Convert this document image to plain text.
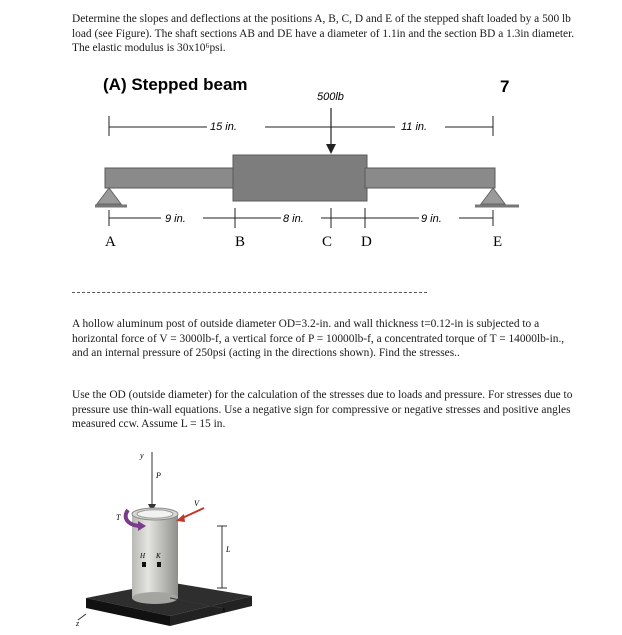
Determine the slopes and deflections at the positions A, B, C, D and E of the stepped shaft loaded by a 500 lb load (see Figure). The shaft sections AB and DE have a diameter of 1.1in and the section BD a 1.3in diameter. The elastic modulus is 30x10⁶psi.
(A) Stepped beam	7
500lb
15 in.	11 in.
9 in.	8 in.	9 in.
A	B	C D	E
A hollow aluminum post of outside diameter OD=3.2-in. and wall thickness t=0.12-in is subjected to a horizontal force of V = 3000lb-f, a vertical force of P = 10000lb-f, a concentrated torque of T = 14000lb-in., and an internal pressure of 250psi (acting in the directions shown). Find the stresses..
Use the OD (outside diameter) for the calculation of the stresses due to loads and pressure. For stresses due to pressure use thin-wall equations. Use a negative sign for compressive or negative stresses and positive angles measured ccw. Assume L = 15 in.
y
P
T
V
H K
L
x
z
